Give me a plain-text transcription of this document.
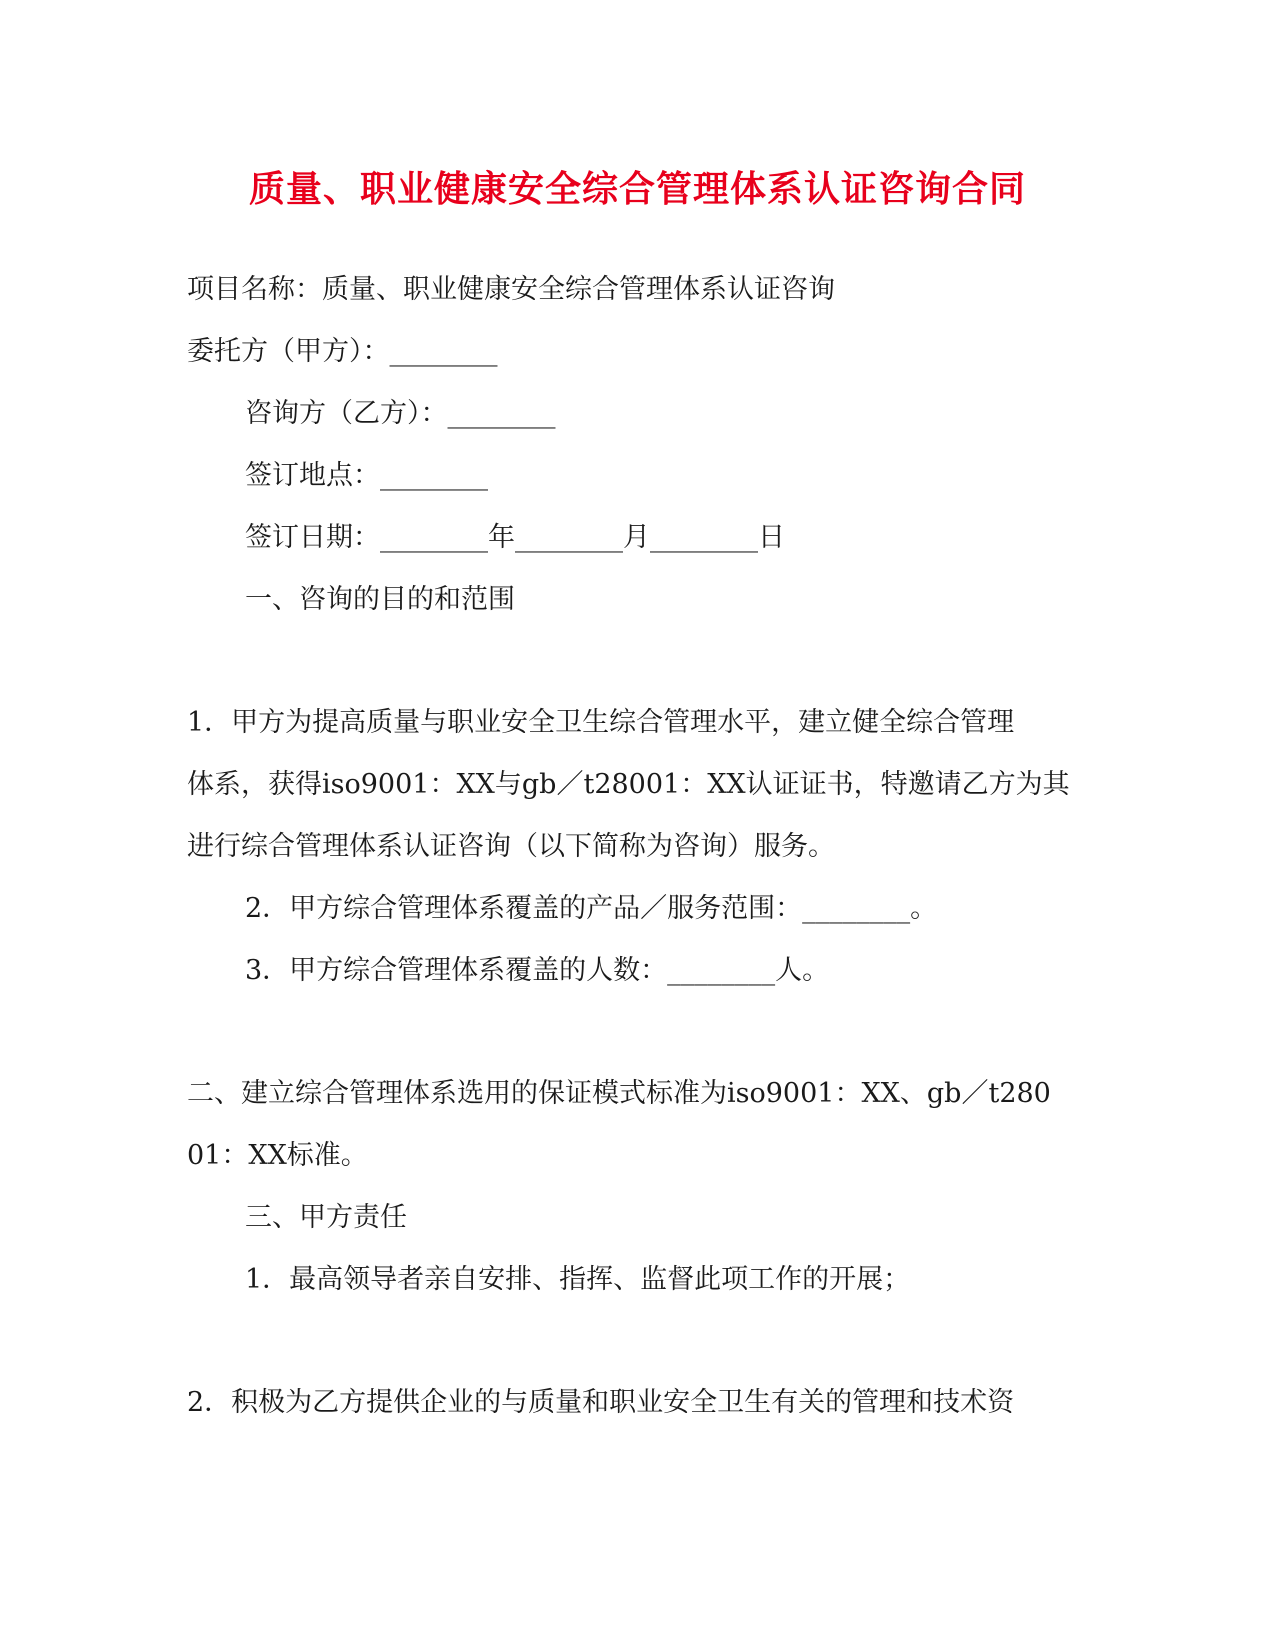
质量、职业健康安全综合管理体系认证咨询合同

项目名称：质量、职业健康安全综合管理体系认证咨询

委托方（甲方）：________

咨询方（乙方）：________

签订地点：________

签订日期：________年________月________日

一、咨询的目的和范围

1．甲方为提高质量与职业安全卫生综合管理水平，建立健全综合管理

体系，获得iso9001：XX与gb／t28001：XX认证证书，特邀请乙方为其

进行综合管理体系认证咨询（以下简称为咨询）服务。

2．甲方综合管理体系覆盖的产品／服务范围：________。

3．甲方综合管理体系覆盖的人数：________人。

二、建立综合管理体系选用的保证模式标准为iso9001：XX、gb／t280

01：XX标准。

三、甲方责任

1．最高领导者亲自安排、指挥、监督此项工作的开展；

2．积极为乙方提供企业的与质量和职业安全卫生有关的管理和技术资
